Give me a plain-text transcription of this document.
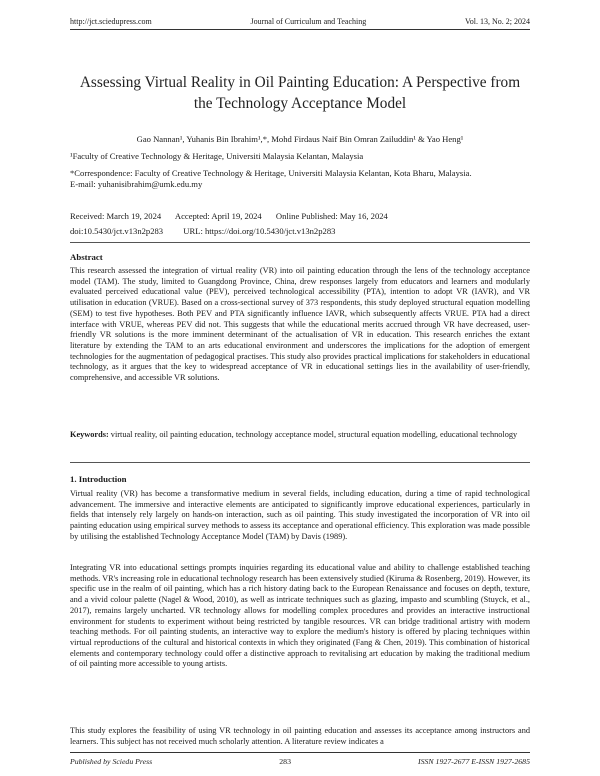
http://jct.sciedupress.com	Journal of Curriculum and Teaching	Vol. 13, No. 2; 2024
Assessing Virtual Reality in Oil Painting Education: A Perspective from the Technology Acceptance Model
Gao Nannan¹, Yuhanis Bin Ibrahim¹,*, Mohd Firdaus Naif Bin Omran Zailuddin¹ & Yao Heng¹
¹Faculty of Creative Technology & Heritage, Universiti Malaysia Kelantan, Malaysia
*Correspondence: Faculty of Creative Technology & Heritage, Universiti Malaysia Kelantan, Kota Bharu, Malaysia.
E-mail: yuhanisibrahim@umk.edu.my
Received: March 19, 2024 Accepted: April 19, 2024 Online Published: May 16, 2024
doi:10.5430/jct.v13n2p283 URL: https://doi.org/10.5430/jct.v13n2p283
Abstract
This research assessed the integration of virtual reality (VR) into oil painting education through the lens of the technology acceptance model (TAM). The study, limited to Guangdong Province, China, drew responses largely from educators and learners and modularly evaluated perceived educational value (PEV), perceived technological accessibility (PTA), intention to adopt VR (IAVR), and VR utilisation in education (VRUE). Based on a cross-sectional survey of 373 respondents, this study deployed structural equation modelling (SEM) to test five hypotheses. Both PEV and PTA significantly influence IAVR, which subsequently affects VRUE. PTA had a direct interface with VRUE, whereas PEV did not. This suggests that while the educational merits accrued through VR have decreased, user-friendly VR solutions is the more imminent determinant of the actualisation of VR in education. This research enriches the extant literature by extending the TAM to an arts educational environment and underscores the implications for the adoption of emergent technologies for the augmentation of pedagogical practises. This study also provides practical implications for stakeholders in educational technology, as it argues that the key to widespread acceptance of VR in educational settings lies in the availability of user-friendly, comprehensive, and accessible VR solutions.
Keywords: virtual reality, oil painting education, technology acceptance model, structural equation modelling, educational technology
1. Introduction
Virtual reality (VR) has become a transformative medium in several fields, including education, during a time of rapid technological advancement. The immersive and interactive elements are anticipated to significantly improve educational experiences, particularly in fields that intensely rely largely on hands-on interaction, such as oil painting. This study investigated the incorporation of VR into oil painting education using empirical survey methods to assess its acceptance and operational efficiency. This exploration was made possible by utilising the established Technology Acceptance Model (TAM) by Davis (1989).
Integrating VR into educational settings prompts inquiries regarding its educational value and ability to challenge established teaching methods. VR's increasing role in educational technology research has been extensively studied (Kiruma & Rosenberg, 2019). However, its specific use in the realm of oil painting, which has a rich history dating back to the European Renaissance and focuses on depth, texture, and a vivid colour palette (Nagel & Wood, 2010), as well as intricate techniques such as glazing, impasto and scumbling (Stuyck, et al., 2017), remains largely uncharted. VR technology allows for modelling complex procedures and provides an interactive instructional environment for students to experiment without being restricted by tangible resources. VR can bridge traditional artistry with modern teaching methods. For oil painting students, an interactive way to explore the medium's history is offered by placing techniques within virtual reproductions of the cultural and historical contexts in which they originated (Fang & Chen, 2019). This combination of historical elements and contemporary technology could offer a distinctive approach to revitalising art education by making the traditional medium of oil painting more accessible to young artists.
This study explores the feasibility of using VR technology in oil painting education and assesses its acceptance among instructors and learners. This subject has not received much scholarly attention. A literature review indicates a
Published by Sciedu Press	283	ISSN 1927-2677 E-ISSN 1927-2685
